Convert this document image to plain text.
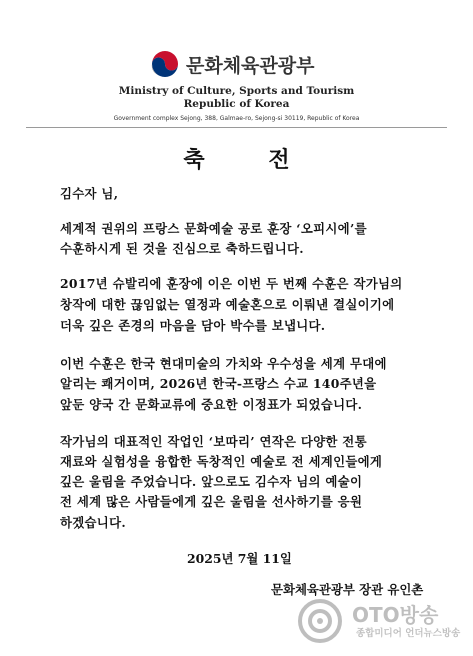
문화체육관광부
Ministry of Culture, Sports and Tourism
Republic of Korea
Government complex Sejong, 388, Galmae-ro, Sejong-si 30119, Republic of Korea
축 전
김수자 님,
세계적 권위의 프랑스 문화예술 공로 훈장 ‘오피시에’를
수훈하시게 된 것을 진심으로 축하드립니다.
2017년 슈발리에 훈장에 이은 이번 두 번째 수훈은 작가님의
창작에 대한 끊임없는 열정과 예술혼으로 이뤄낸 결실이기에
더욱 깊은 존경의 마음을 담아 박수를 보냅니다.
이번 수훈은 한국 현대미술의 가치와 우수성을 세계 무대에
알리는 쾌거이며, 2026년 한국-프랑스 수교 140주년을
앞둔 양국 간 문화교류에 중요한 이정표가 되었습니다.
작가님의 대표적인 작업인 ‘보따리’ 연작은 다양한 전통
재료와 실험성을 융합한 독창적인 예술로 전 세계인들에게
깊은 울림을 주었습니다. 앞으로도 김수자 님의 예술이
전 세계 많은 사람들에게 깊은 울림을 선사하기를 응원
하겠습니다.
2025년 7월 11일
문화체육관광부 장관 유인촌
OTO방송
종합미디어 언더뉴스방송
